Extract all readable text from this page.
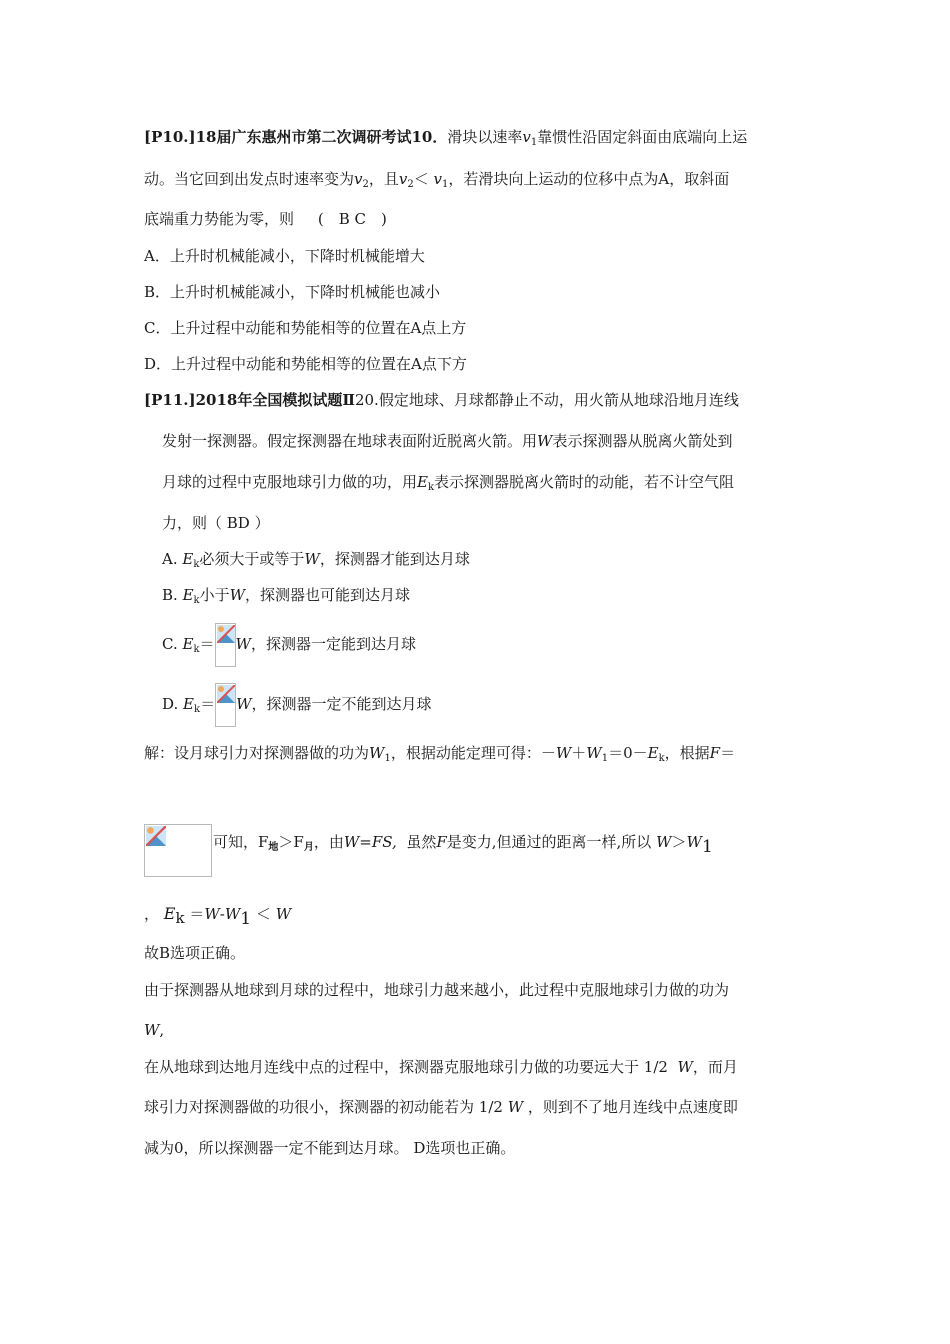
[P10.]18届广东惠州市第二次调研考试10．滑块以速率$v_1$靠惯性沿固定斜面由底端向上运
动。当它回到出发点时速率变为$v_2$，且$v_2< v_1$，若滑块向上运动的位移中点为A，取斜面
底端重力势能为零，则 (　B C　)
A．上升时机械能减小，下降时机械能增大
B．上升时机械能减小，下降时机械能也减小
C．上升过程中动能和势能相等的位置在A点上方
D．上升过程中动能和势能相等的位置在A点下方
[P11.]2018年全国模拟试题Ⅱ20.假定地球、月球都静止不动，用火箭从地球沿地月连线
发射一探测器。假定探测器在地球表面附近脱离火箭。用W表示探测器从脱离火箭处到
月球的过程中克服地球引力做的功，用$E_k$表示探测器脱离火箭时的动能，若不计空气阻
力，则（ BD ）
A. $E_k$必须大于或等于W，探测器才能到达月球
B. $E_k$小于W，探测器也可能到达月球
C. $E_k= W$，探测器一定能到达月球
D. $E_k= W$，探测器一定不能到达月球
解：设月球引力对探测器做的功为$W_1$，根据动能定理可得：$-W+W_1=0-E_k$，根据F＝
可知，$F_地>F_月$，由W=FS, 虽然F是变力,但通过的距离一样,所以 W＞W1
， Ek ＝W-W1 ＜ W
故B选项正确。
由于探测器从地球到月球的过程中，地球引力越来越小，此过程中克服地球引力做的功为
W,
在从地球到达地月连线中点的过程中，探测器克服地球引力做的功要远大于 1/2 W，而月
球引力对探测器做的功很小，探测器的初动能若为 1/2 W ，则到不了地月连线中点速度即
减为0，所以探测器一定不能到达月球。 D选项也正确。
